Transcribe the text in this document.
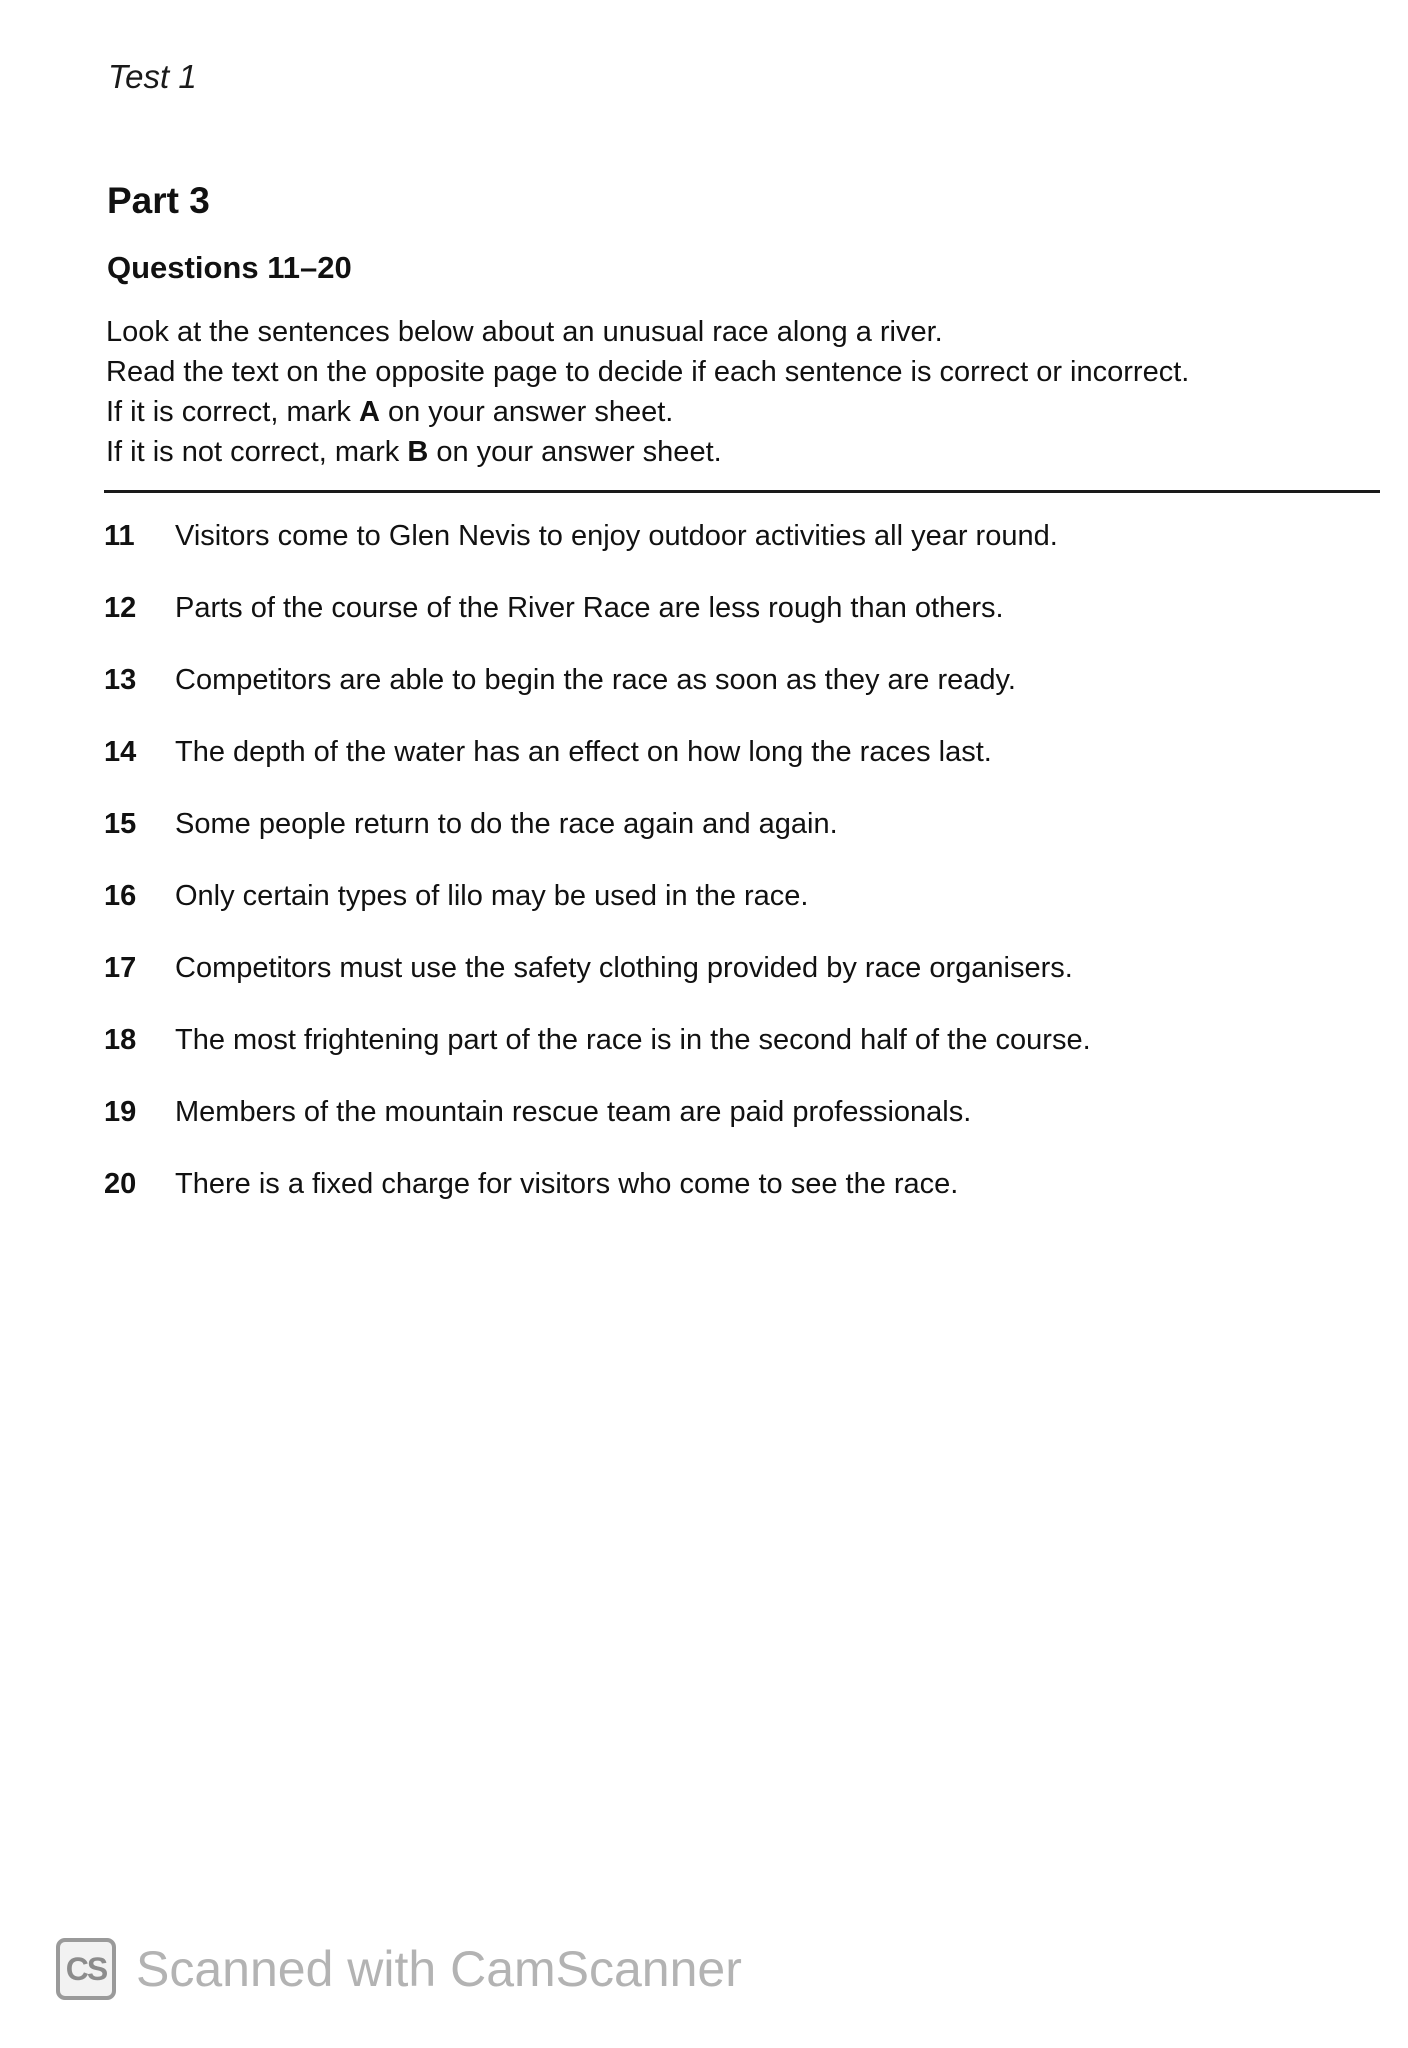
Test 1
Part 3
Questions 11–20
Look at the sentences below about an unusual race along a river.
Read the text on the opposite page to decide if each sentence is correct or incorrect.
If it is correct, mark A on your answer sheet.
If it is not correct, mark B on your answer sheet.
11 Visitors come to Glen Nevis to enjoy outdoor activities all year round.
12 Parts of the course of the River Race are less rough than others.
13 Competitors are able to begin the race as soon as they are ready.
14 The depth of the water has an effect on how long the races last.
15 Some people return to do the race again and again.
16 Only certain types of lilo may be used in the race.
17 Competitors must use the safety clothing provided by race organisers.
18 The most frightening part of the race is in the second half of the course.
19 Members of the mountain rescue team are paid professionals.
20 There is a fixed charge for visitors who come to see the race.
CS Scanned with CamScanner
